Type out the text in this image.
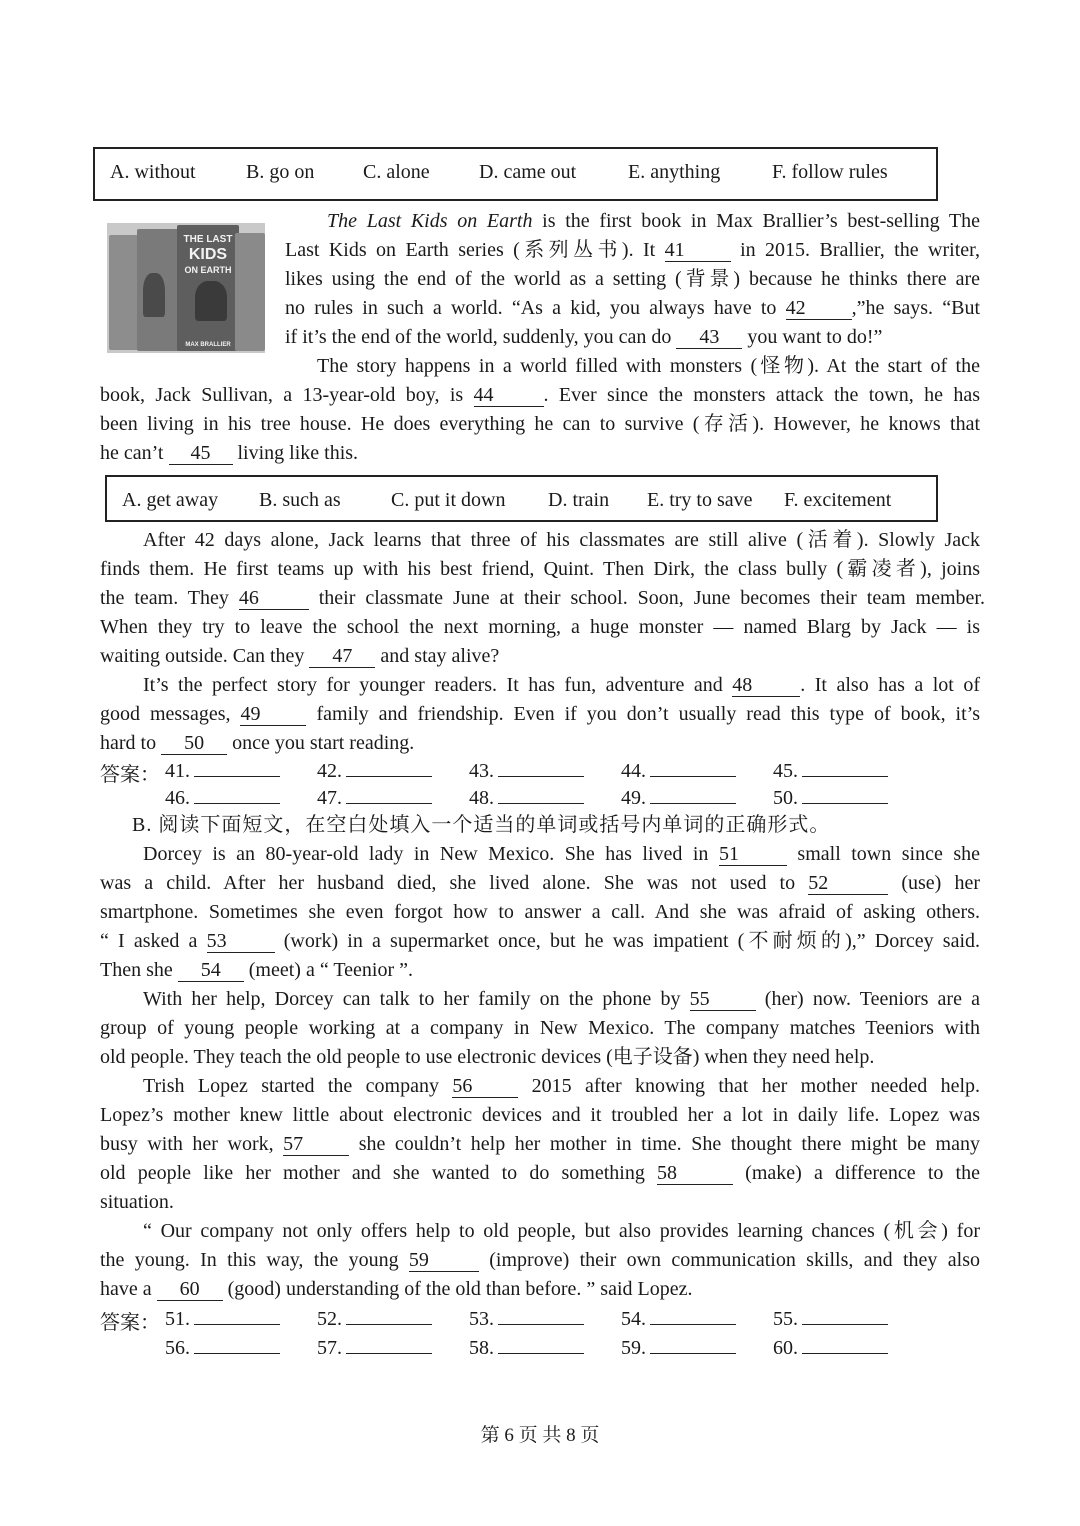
A. without	B. go on C. alone D. came out	E. anything	F. follow rules
THE LAST
KIDS
ON EARTH
MAX BRALLIER
The Last Kids on Earth is the first book in Max Brallier’s best-selling The
Last Kids on Earth series (系列丛书). It 41 in 2015. Brallier, the writer,
likes using the end of the world as a setting (背景) because he thinks there are
no rules in such a world. “As a kid, you always have to 42 ,”he says. “But
if it’s the end of the world, suddenly, you can do 43 you want to do!”
The story happens in a world filled with monsters (怪物). At the start of the
book, Jack Sullivan, a 13-year-old boy, is 44	. Ever since the monsters attack the town, he has
been living in his tree house. He does everything he can to survive (存活). However, he knows that
he can’t 45 living like this.
A. get away B. such as	C. put it down D. train E. try to save F. excitement
After 42 days alone, Jack learns that three of his classmates are still alive (活着). Slowly Jack
finds them. He first teams up with his best friend, Quint. Then Dirk, the class bully (霸凌者), joins
the team. They 46	their classmate June at their school. Soon, June becomes their team member.
When they try to leave the school the next morning, a huge monster — named Blarg by Jack — is
waiting outside. Can they 47 and stay alive?
It’s the perfect story for younger readers. It has fun, adventure and 48 . It also has a lot of
good messages, 49 family and friendship. Even if you don’t usually read this type of book, it’s
hard to 50 once you start reading.
答案： 41.	42.	43.	44.	45.
46.	47.	48.	49.	50.
B. 阅读下面短文，在空白处填入一个适当的单词或括号内单词的正确形式。
Dorcey is an 80-year-old lady in New Mexico. She has lived in 51 small town since she
was a child. After her husband died, she lived alone. She was not used to 52	(use) her
smartphone. Sometimes she even forgot how to answer a call. And she was afraid of asking others.
“ I asked a 53 (work) in a supermarket once, but he was impatient (不耐烦的),” Dorcey said.
Then she 54 (meet) a “ Teenior ”.
With her help, Dorcey can talk to her family on the phone by 55 (her) now. Teeniors are a
group of young people working at a company in New Mexico. The company matches Teeniors with
old people. They teach the old people to use electronic devices (电子设备) when they need help.
Trish Lopez started the company 56 2015 after knowing that her mother needed help.
Lopez’s mother knew little about electronic devices and it troubled her a lot in daily life. Lopez was
busy with her work, 57 she couldn’t help her mother in time. She thought there might be many
old people like her mother and she wanted to do something 58	(make) a difference to the
situation.
“ Our company not only offers help to old people, but also provides learning chances (机会) for
the young. In this way, the young 59	(improve) their own communication skills, and they also
have a 60 (good) understanding of the old than before. ” said Lopez.
答案： 51.	52.	53.	54.	55.
56.	57.	58.	59.	60.
第 6 页 共 8 页
